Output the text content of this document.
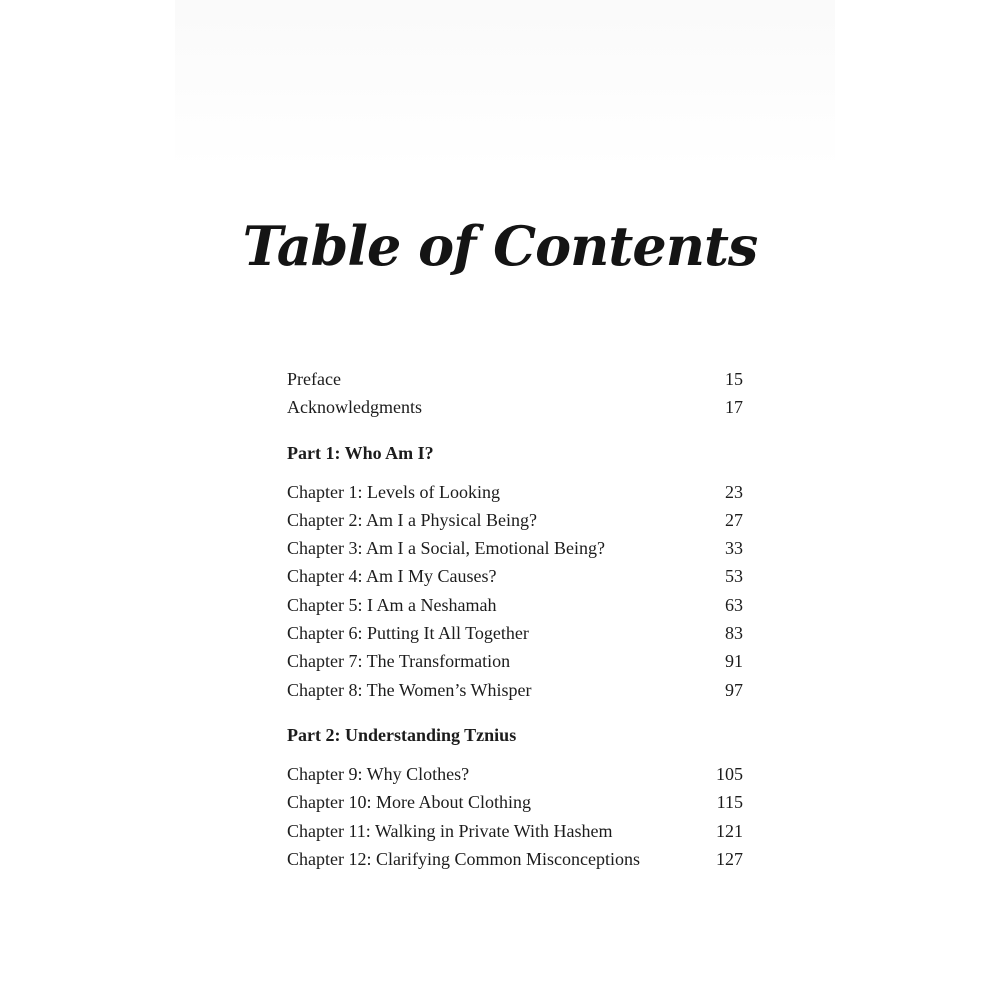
Table of Contents
Preface	15
Acknowledgments	17
Part 1: Who Am I?
Chapter 1: Levels of Looking	23
Chapter 2: Am I a Physical Being?	27
Chapter 3: Am I a Social, Emotional Being?	33
Chapter 4: Am I My Causes?	53
Chapter 5: I Am a Neshamah	63
Chapter 6: Putting It All Together	83
Chapter 7: The Transformation	91
Chapter 8: The Women’s Whisper	97
Part 2: Understanding Tznius
Chapter 9: Why Clothes?	105
Chapter 10: More About Clothing	115
Chapter 11: Walking in Private With Hashem	121
Chapter 12: Clarifying Common Misconceptions	127
